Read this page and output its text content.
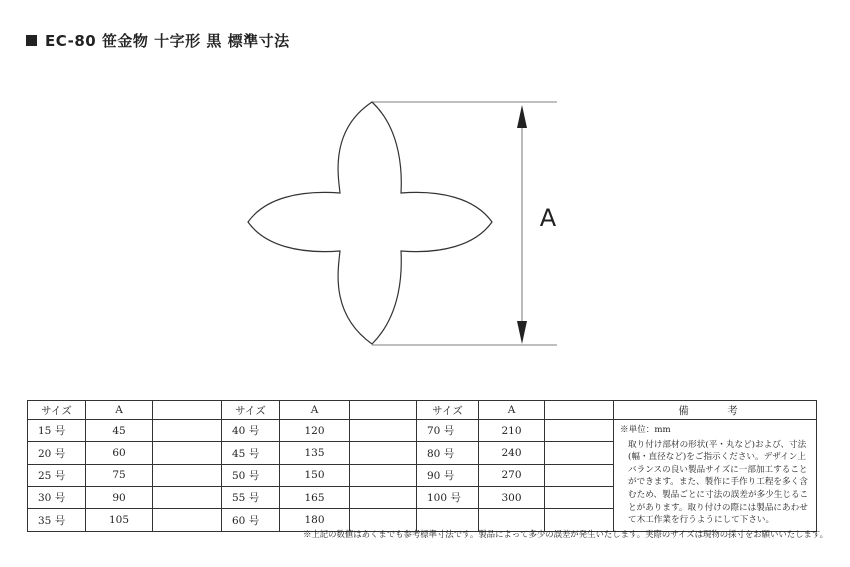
EC-80 笹金物 十字形 黒 標準寸法
A
サイズ	A		サイズ	A		サイズ	A		備　考
15 号	45		40 号	120		70 号	210		※単位：mm
取り付け部材の形状(平・丸など)および、寸法(幅・直径など)をご指示ください。デザイン上バランスの良い製品サイズに一部加工することができます。また、製作に手作り工程を多く含むため、製品ごとに寸法の誤差が多少生じることがあります。取り付けの際には製品にあわせて木工作業を行うようにして下さい。

20 号	60		45 号	135		80 号	240		
25 号	75		50 号	150		90 号	270		
30 号	90		55 号	165		100 号	300		
35 号	105		60 号	180					
※上記の数値はあくまでも参考標準寸法です。製品によって多少の誤差が発生いたします。実際のサイズは現物の採寸をお願いいたします。
